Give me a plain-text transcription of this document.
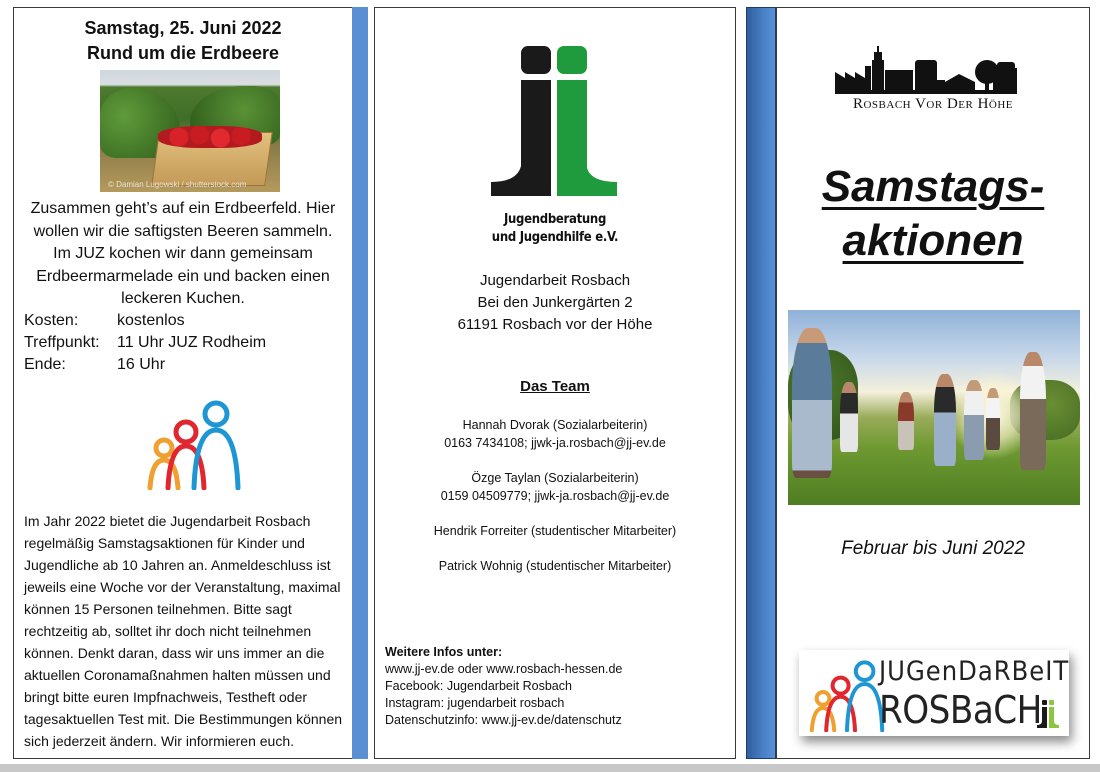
Samstag, 25. Juni 2022
Rund um die Erdbeere
© Damian Lugowski / shutterstock.com
Zusammen geht’s auf ein Erdbeerfeld. Hier
wollen wir die saftigsten Beeren sammeln.
Im JUZ kochen wir dann gemeinsam
Erdbeermarmelade ein und backen einen
leckeren Kuchen.
Kosten:	kostenlos
Treffpunkt:	11 Uhr JUZ Rodheim
Ende:	16 Uhr
Im Jahr 2022 bietet die Jugendarbeit Rosbach
regelmäßig Samstagsaktionen für Kinder und
Jugendliche ab 10 Jahren an. Anmeldeschluss ist
jeweils eine Woche vor der Veranstaltung, maximal
können 15 Personen teilnehmen. Bitte sagt
rechtzeitig ab, solltet ihr doch nicht teilnehmen
können. Denkt daran, dass wir uns immer an die
aktuellen Coronamaßnahmen halten müssen und
bringt bitte euren Impfnachweis, Testheft oder
tagesaktuellen Test mit. Die Bestimmungen können
sich jederzeit ändern. Wir informieren euch.
Jugendberatung
und Jugendhilfe e.V.
Jugendarbeit Rosbach
Bei den Junkergärten 2
61191 Rosbach vor der Höhe
Das Team
Hannah Dvorak (Sozialarbeiterin)
0163 7434108; jjwk-ja.rosbach@jj-ev.de
Özge Taylan (Sozialarbeiterin)
0159 04509779; jjwk-ja.rosbach@jj-ev.de
Hendrik Forreiter (studentischer Mitarbeiter)
Patrick Wohnig (studentischer Mitarbeiter)
Weitere Infos unter:
www.jj-ev.de oder www.rosbach-hessen.de
Facebook: Jugendarbeit Rosbach
Instagram: jugendarbeit rosbach
Datenschutzinfo: www.jj-ev.de/datenschutz
Rosbach Vor Der Höhe
Samstags-
aktionen
Februar bis Juni 2022
JUGenDaRBeIT
ROSBaCH
